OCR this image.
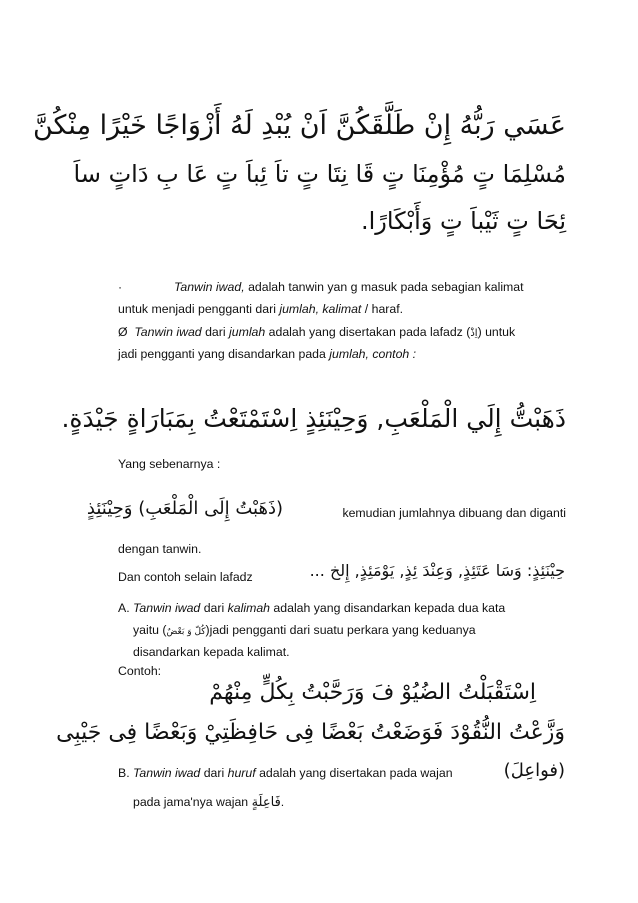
عَسَي رَبُّهُ إِنْ طَلَّقَكُنَّ اَنْ يُبْدِ لَهُ أَزْوَاجًا خَيْرًا مِنْكُنَّ
مُسْلِمَا تٍ مُؤْمِنَا تٍ قَا نِتَا تٍ تاَ ئِباَ تٍ عَا بِ دَاتٍ ساَ
ئِحَا تٍ ثَيْباَ تٍ وَأَبْكَارًا.
·	Tanwin iwad, adalah tanwin yan g masuk pada sebagian kalimat
untuk menjadi pengganti dari jumlah, kalimat / haraf.
Ø Tanwin iwad dari jumlah adalah yang disertakan pada lafadz (اِذْ) untuk
jadi pengganti yang disandarkan pada jumlah, contoh :
ذَهَبْتُّ إِلَي الْمَلْعَبِ, وَحِيْنَئِذٍ اِسْتَمْتَعْتُ بِمَبَارَاةٍ جَيْدَةٍ.
Yang sebenarnya :
(ذَهَبْتُ إِلَى الْمَلْعَبِ) وَحِيْنَئِذٍ	kemudian jumlahnya dibuang dan diganti
dengan tanwin.
Dan contoh selain lafadz	حِيْنَئِذٍ: وَسَا عَتَئِذٍ, وَعِنْدَ ئِذٍ, يَوْمَئِذٍ, إِلخ ...
A. Tanwin iwad dari kalimah adalah yang disandarkan kepada dua kata
yaitu (كُلّ وَ بَعْضٌ)jadi pengganti dari suatu perkara yang keduanya
disandarkan kepada kalimat.
Contoh:
اِسْتَقْبَلْتُ الضُيُوْ فَ وَرَحَّبْتُ بِكُلٍّ مِنْهُمْ
وَزَّعْتُ النُّقُوْدَ فَوَضَعْتُ بَعْضًا فِى حَافِظَتِيْ وَبَعْضًا فِى جَيْبِى
B. Tanwin iwad dari huruf adalah yang disertakan pada wajan	(فواعِلَ)
pada jama'nya wajan فَاعِلَةٍ.
